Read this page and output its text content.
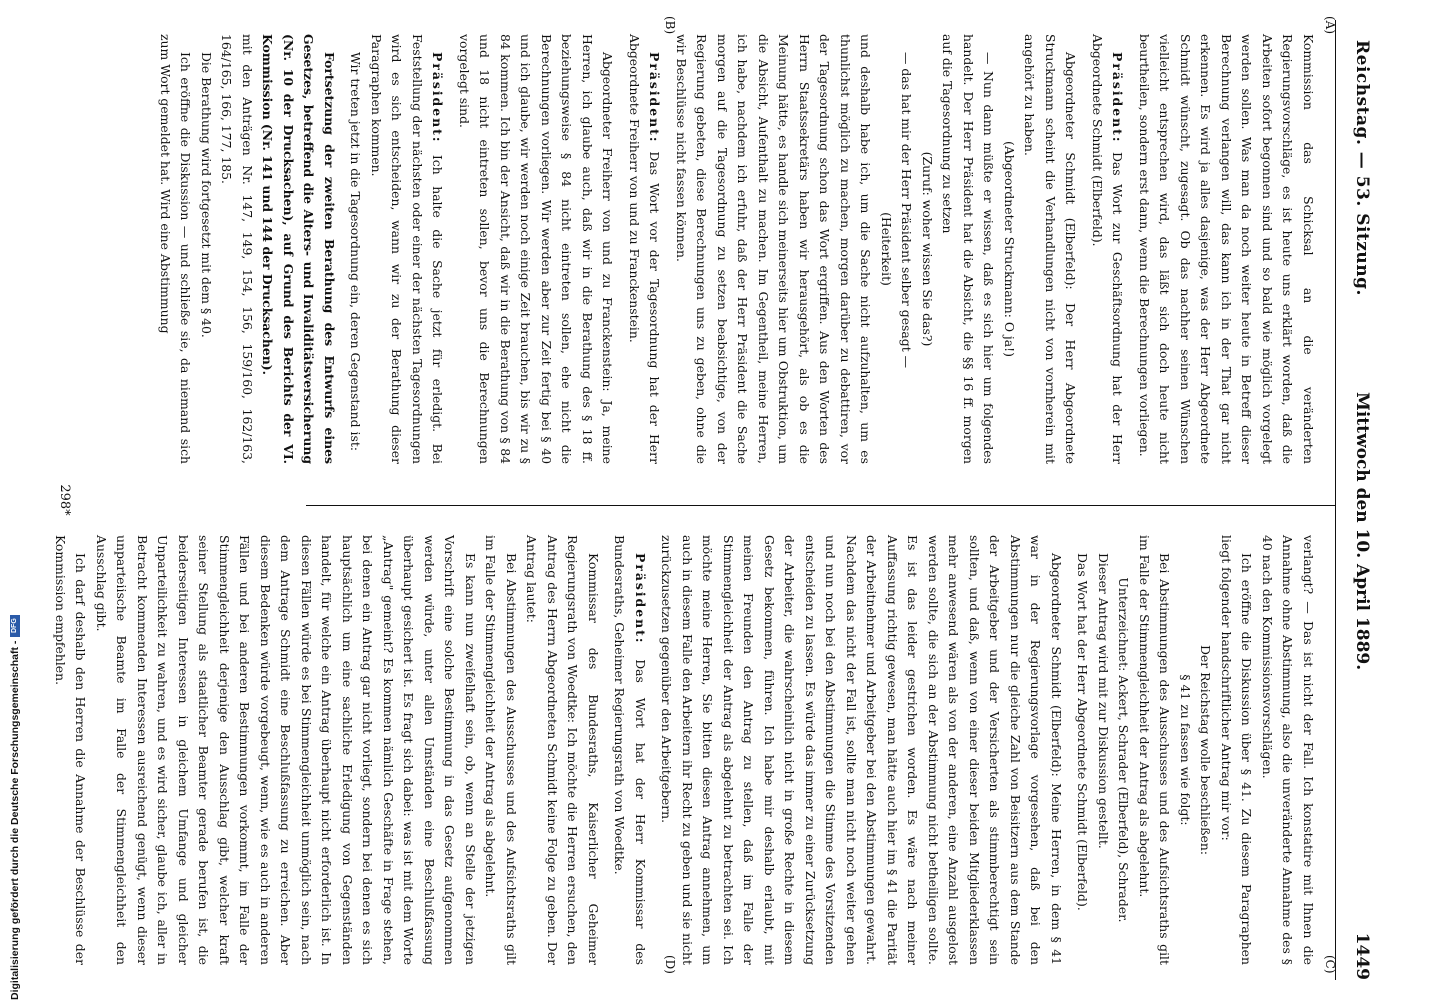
Reichstag. — 53. Sitzung.
Mittwoch den 10. April 1889.
1449
(A)
(B)
(C)
(D)

Kommission das Schicksal an die veränderten Regierungsvorschläge, es ist heute uns erklärt worden, daß die Arbeiten sofort begonnen sind und so bald wie möglich vorgelegt werden sollen. Was man da noch weiter heute in Betreff dieser Berechnung verlangen will, das kann ich in der That gar nicht erkennen. Es wird ja alles dasjenige, was der Herr Abgeordnete Schmidt wünscht, zugesagt. Ob das nachher seinen Wünschen vielleicht entsprechen wird, das läßt sich doch heute nicht beurtheilen, sondern erst dann, wenn die Berechnungen vorliegen.

Präsident: Das Wort zur Geschäftsordnung hat der Herr Abgeordnete Schmidt (Elberfeld).

Abgeordneter Schmidt (Elberfeld): Der Herr Abgeordnete Struckmann scheint die Verhandlungen nicht von vornherein mit angehört zu haben.

(Abgeordneter Struckmann: O ja!)

— Nun dann müßte er wissen, daß es sich hier um folgendes handelt. Der Herr Präsident hat die Absicht, die §§ 16 ff. morgen auf die Tagesordnung zu setzen

(Zuruf: woher wissen Sie das?)

— das hat mir der Herr Präsident selber gesagt —

(Heiterkeit)

und deshalb habe ich, um die Sache nicht aufzuhalten, um es thunlichst möglich zu machen, morgen darüber zu debattiren, vor der Tagesordnung schon das Wort ergriffen. Aus den Worten des Herrn Staatssekretärs haben wir herausgehört, als ob es die Meinung hätte, es handle sich meinerseits hier um Obstruktion, um die Absicht, Aufenthalt zu machen. Im Gegentheil, meine Herren, ich habe, nachdem ich erfuhr, daß der Herr Präsident die Sache morgen auf die Tagesordnung zu setzen beabsichtige, von der Regierung gebeten, diese Berechnungen uns zu geben, ohne die wir Beschlüsse nicht fassen können.

Präsident: Das Wort vor der Tagesordnung hat der Herr Abgeordnete Freiherr von und zu Franckenstein.

Abgeordneter Freiherr von und zu Franckenstein: Ja, meine Herren, ich glaube auch, daß wir in die Berathung des § 18 ff. beziehungsweise § 84 nicht eintreten sollen, ehe nicht die Berechnungen vorliegen. Wir werden aber zur Zeit fertig bei § 40 und ich glaube, wir werden noch einige Zeit brauchen, bis wir zu § 84 kommen. Ich bin der Ansicht, daß wir in die Berathung von § 84 und 18 nicht eintreten sollen, bevor uns die Berechnungen vorgelegt sind.

Präsident: Ich halte die Sache jetzt für erledigt. Bei Feststellung der nächsten oder einer der nächsten Tagesordnungen wird es sich entscheiden, wann wir zu der Berathung dieser Paragraphen kommen.

Wir treten jetzt in die Tagesordnung ein, deren Gegenstand ist:

Fortsetzung der zweiten Berathung des Entwurfs eines Gesetzes, betreffend die Alters- und Invaliditätsversicherung (Nr. 10 der Drucksachen), auf Grund des Berichts der VI. Kommission (Nr. 141 und 144 der Drucksachen).

mit den Anträgen Nr. 147, 149, 154, 156, 159/160, 162/163, 164/165, 166, 177, 185.

Die Berathung wird fortgesetzt mit dem § 40.

Ich eröffne die Diskussion — und schließe sie, da niemand sich zum Wort gemeldet hat. Wird eine Abstimmung

verlangt? — Das ist nicht der Fall. Ich konstatire mit Ihnen die Annahme ohne Abstimmung, also die unveränderte Annahme des § 40 nach den Kommissionsvorschlägen.

Ich eröffne die Diskussion über § 41. Zu diesem Paragraphen liegt folgender handschriftlicher Antrag mir vor:

Der Reichstag wolle beschließen:

§ 41 zu fassen wie folgt:

Bei Abstimmungen des Ausschusses und des Aufsichtsraths gilt im Falle der Stimmengleichheit der Antrag als abgelehnt.

Unterzeichnet: Ackert, Schrader (Elberfeld), Schrader.

Dieser Antrag wird mit zur Diskussion gestellt.

Das Wort hat der Herr Abgeordnete Schmidt (Elberfeld).

Abgeordneter Schmidt (Elberfeld): Meine Herren, in dem § 41 war in der Regierungsvorlage vorgesehen, daß bei den Abstimmungen nur die gleiche Zahl von Beisitzern aus dem Stande der Arbeitgeber und der Versicherten als stimmberechtigt sein sollten, und daß, wenn von einer dieser beiden Mitgliederklassen mehr anwesend wären als von der anderen, eine Anzahl ausgelost werden sollte, die sich an der Abstimmung nicht betheiligen sollte. Es ist das leider gestrichen worden. Es wäre nach meiner Auffassung richtig gewesen, man hätte auch hier im § 41 die Parität der Arbeitnehmer und Arbeitgeber bei den Abstimmungen gewahrt. Nachdem das nicht der Fall ist, sollte man nicht noch weiter gehen und nun noch bei den Abstimmungen die Stimme des Vorsitzenden entscheiden zu lassen. Es würde das immer zu einer Zurücksetzung der Arbeiter, die wahrscheinlich nicht in große Rechte in diesem Gesetz bekommen, führen. Ich habe mir deshalb erlaubt, mit meinen Freunden den Antrag zu stellen, daß im Falle der Stimmengleichheit der Antrag als abgelehnt zu betrachten sei. Ich möchte meine Herren, Sie bitten diesen Antrag annehmen, um auch in diesem Falle den Arbeitern ihr Recht zu geben und sie nicht zurückzusetzen gegenüber den Arbeitgebern.

Präsident: Das Wort hat der Herr Kommissar des Bundesraths, Geheimer Regierungsrath von Woedtke.

Kommissar des Bundesraths, Kaiserlicher Geheimer Regierungsrath von Woedtke: Ich möchte die Herren ersuchen, den Antrag des Herrn Abgeordneten Schmidt keine Folge zu geben. Der Antrag lautet:

Bei Abstimmungen des Ausschusses und des Aufsichtsraths gilt im Falle der Stimmengleichheit der Antrag als abgelehnt.

Es kann nun zweifelhaft sein, ob, wenn an Stelle der jetzigen Vorschrift eine solche Bestimmung in das Gesetz aufgenommen werden würde, unter allen Umständen eine Beschlußfassung überhaupt gesichert ist. Es fragt sich dabei: was ist mit dem Worte „Antrag" gemeint? Es kommen nämlich Geschäfte in Frage stehen, bei denen ein Antrag gar nicht vorliegt, sondern bei denen es sich hauptsächlich um eine sachliche Erledigung von Gegenständen handelt, für welche ein Antrag überhaupt nicht erforderlich ist. In diesen Fällen würde es bei Stimmengleichheit unmöglich sein, nach dem Antrage Schmidt eine Beschlußfassung zu erreichen. Aber diesem Bedenken würde vorgebeugt, wenn, wie es auch in anderen Fällen und bei anderen Bestimmungen vorkommt, im Falle der Stimmengleichheit derjenige den Ausschlag gibt, welcher kraft seiner Stellung als staatlicher Beamter gerade berufen ist, die beiderseitigen Interessen in gleichem Umfange und gleicher Unparteilichkeit zu wahren, und es wird sicher, glaube ich, aller in Betracht kommenden Interessen ausreichend genügt, wenn dieser unparteiische Beamte im Falle der Stimmengleichheit den Ausschlag gibt.

Ich darf deshalb den Herren die Annahme der Beschlüsse der Kommission empfehlen.

298*
Digitalisierung gefördert durch die Deutsche Forschungsgemeinschaft -DFG
